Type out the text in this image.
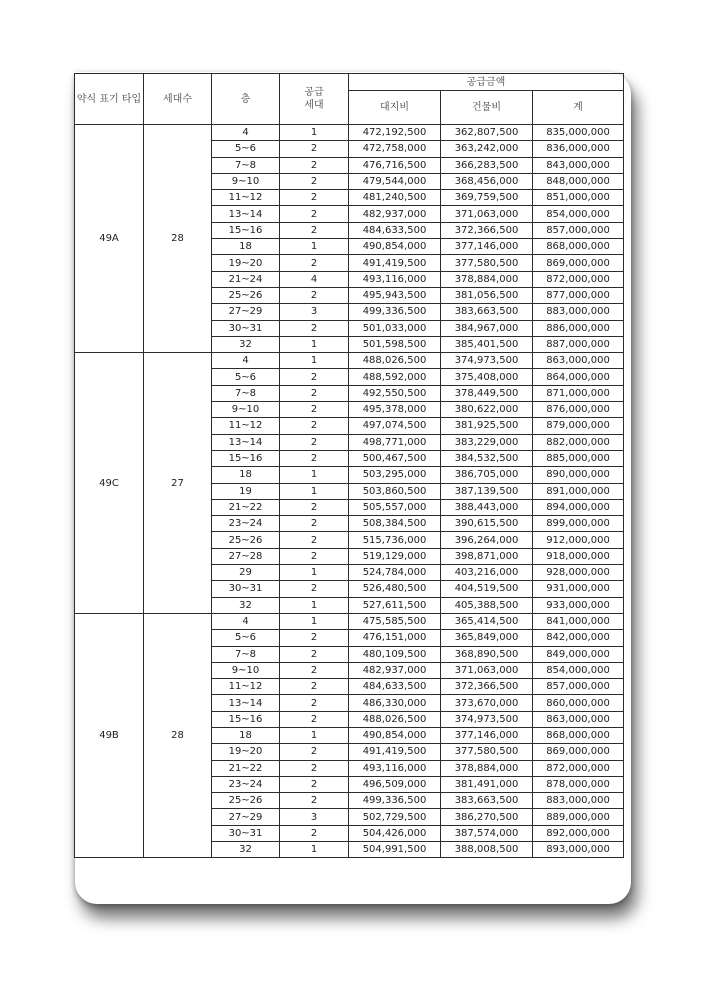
약식 표기 타입	세대수	층	공급
세대	공급금액		
				대지비	건물비	계
49A	28	4	1	472,192,500	362,807,500	835,000,000
		5~6	2	472,758,000	363,242,000	836,000,000
		7~8	2	476,716,500	366,283,500	843,000,000
		9~10	2	479,544,000	368,456,000	848,000,000
		11~12	2	481,240,500	369,759,500	851,000,000
		13~14	2	482,937,000	371,063,000	854,000,000
		15~16	2	484,633,500	372,366,500	857,000,000
		18	1	490,854,000	377,146,000	868,000,000
		19~20	2	491,419,500	377,580,500	869,000,000
		21~24	4	493,116,000	378,884,000	872,000,000
		25~26	2	495,943,500	381,056,500	877,000,000
		27~29	3	499,336,500	383,663,500	883,000,000
		30~31	2	501,033,000	384,967,000	886,000,000
		32	1	501,598,500	385,401,500	887,000,000
49C	27	4	1	488,026,500	374,973,500	863,000,000
		5~6	2	488,592,000	375,408,000	864,000,000
		7~8	2	492,550,500	378,449,500	871,000,000
		9~10	2	495,378,000	380,622,000	876,000,000
		11~12	2	497,074,500	381,925,500	879,000,000
		13~14	2	498,771,000	383,229,000	882,000,000
		15~16	2	500,467,500	384,532,500	885,000,000
		18	1	503,295,000	386,705,000	890,000,000
		19	1	503,860,500	387,139,500	891,000,000
		21~22	2	505,557,000	388,443,000	894,000,000
		23~24	2	508,384,500	390,615,500	899,000,000
		25~26	2	515,736,000	396,264,000	912,000,000
		27~28	2	519,129,000	398,871,000	918,000,000
		29	1	524,784,000	403,216,000	928,000,000
		30~31	2	526,480,500	404,519,500	931,000,000
		32	1	527,611,500	405,388,500	933,000,000
49B	28	4	1	475,585,500	365,414,500	841,000,000
		5~6	2	476,151,000	365,849,000	842,000,000
		7~8	2	480,109,500	368,890,500	849,000,000
		9~10	2	482,937,000	371,063,000	854,000,000
		11~12	2	484,633,500	372,366,500	857,000,000
		13~14	2	486,330,000	373,670,000	860,000,000
		15~16	2	488,026,500	374,973,500	863,000,000
		18	1	490,854,000	377,146,000	868,000,000
		19~20	2	491,419,500	377,580,500	869,000,000
		21~22	2	493,116,000	378,884,000	872,000,000
		23~24	2	496,509,000	381,491,000	878,000,000
		25~26	2	499,336,500	383,663,500	883,000,000
		27~29	3	502,729,500	386,270,500	889,000,000
		30~31	2	504,426,000	387,574,000	892,000,000
		32	1	504,991,500	388,008,500	893,000,000
